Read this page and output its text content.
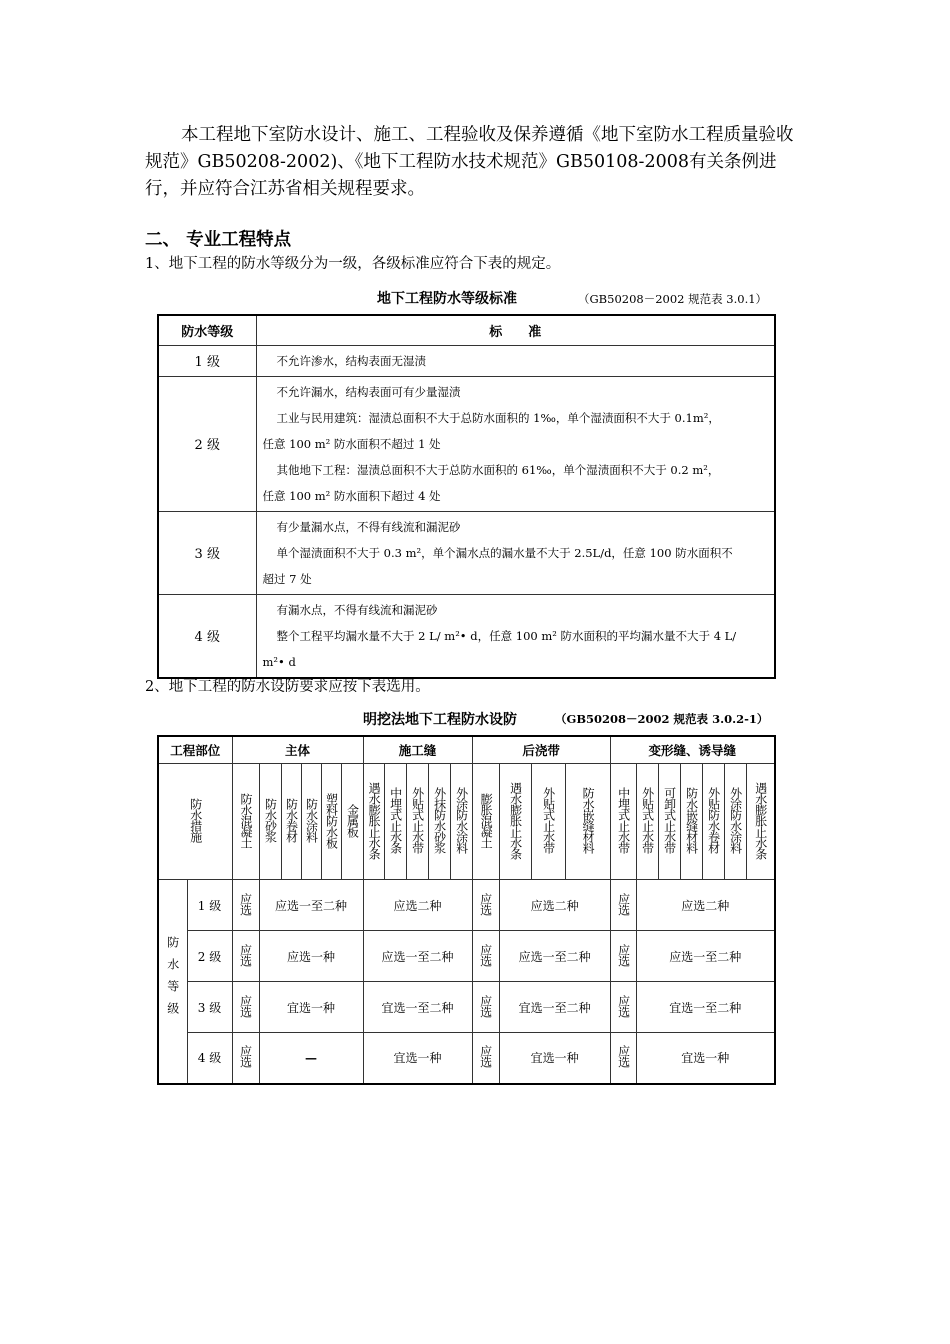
本工程地下室防水设计、施工、工程验收及保养遵循《地下室防水工程质量验收规范》GB50208-2002)、《地下工程防水技术规范》GB50108-2008有关条例进行，并应符合江苏省相关规程要求。
二、 专业工程特点
1、地下工程的防水等级分为一级，各级标准应符合下表的规定。
地下工程防水等级标准	（GB50208－2002 规范表 3.0.1）
防水等级	标　　准
1 级	不允许渗水，结构表面无湿渍

2 级	不允许漏水，结构表面可有少量湿渍
工业与民用建筑：湿渍总面积不大于总防水面积的 1‰，单个湿渍面积不大于 0.1m²，
任意 100 m² 防水面积不超过 1 处
其他地下工程：湿渍总面积不大于总防水面积的 61‰，单个湿渍面积不大于 0.2 m²，
任意 100 m² 防水面积下超过 4 处
3 级	有少量漏水点，不得有线流和漏泥砂
单个湿渍面积不大于 0.3 m²，单个漏水点的漏水量不大于 2.5L/d，任意 100 防水面积不
超过 7 处
4 级	有漏水点，不得有线流和漏泥砂
整个工程平均漏水量不大于 2 L/ m²• d，任意 100 m² 防水面积的平均漏水量不大于 4 L/
m²• d
2、地下工程的防水设防要求应按下表选用。
明挖法地下工程防水设防	（GB50208－2002 规范表 3.0.2-1）
工程部位		主体						施工缝					后浇带				变形缝、诱导缝						
防水措施		防水混凝土	防水砂浆	防水卷材	防水涂料	塑料防水板	金属板	遇水膨胀止水条	中埋式止水条	外贴式止水带	外抹防水砂浆	外涂防水涂料	膨胀混凝土	遇水膨胀止水条	外贴式止水带	防水嵌缝材料	中埋式止水带	外贴式止水带	可卸式止水带	防水嵌缝材料	外贴防水卷材	外涂防水涂料	遇水膨胀止水条
防水等级	1 级	应选	应选一至二种					应选二种					应选	应选二种			应选	应选二种					
	2 级	应选	应选一种					应选一至二种					应选	应选一至二种			应选	应选一至二种					
	3 级	应选	宜选一种					宜选一至二种					应选	宜选一至二种			应选	宜选一至二种					
	4 级	应选	—					宜选一种					应选	宜选一种			应选	宜选一种					
